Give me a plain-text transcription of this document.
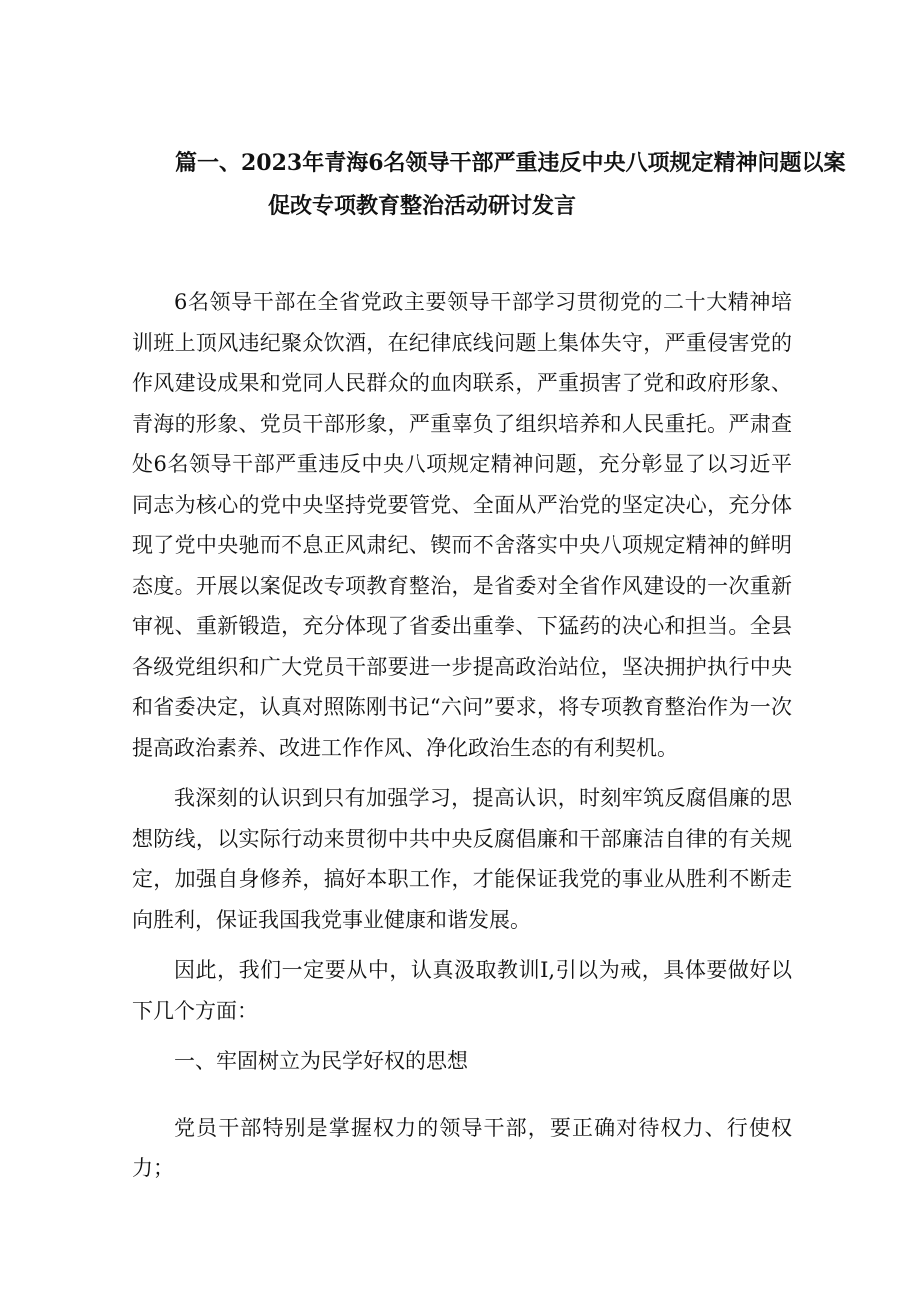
篇一、2023年青海6名领导干部严重违反中央八项规定精神问题以案
促改专项教育整治活动研讨发言

6名领导干部在全省党政主要领导干部学习贯彻党的二十大精神培训班上顶风违纪聚众饮酒，在纪律底线问题上集体失守，严重侵害党的作风建设成果和党同人民群众的血肉联系，严重损害了党和政府形象、青海的形象、党员干部形象，严重辜负了组织培养和人民重托。严肃查处6名领导干部严重违反中央八项规定精神问题，充分彰显了以习近平同志为核心的党中央坚持党要管党、全面从严治党的坚定决心，充分体现了党中央驰而不息正风肃纪、锲而不舍落实中央八项规定精神的鲜明态度。开展以案促改专项教育整治，是省委对全省作风建设的一次重新审视、重新锻造，充分体现了省委出重拳、下猛药的决心和担当。全县各级党组织和广大党员干部要进一步提高政治站位，坚决拥护执行中央和省委决定，认真对照陈刚书记“六问”要求，将专项教育整治作为一次提高政治素养、改进工作作风、净化政治生态的有利契机。

我深刻的认识到只有加强学习，提高认识，时刻牢筑反腐倡廉的思想防线，以实际行动来贯彻中共中央反腐倡廉和干部廉洁自律的有关规定，加强自身修养，搞好本职工作，才能保证我党的事业从胜利不断走向胜利，保证我国我党事业健康和谐发展。

因此，我们一定要从中，认真汲取教训I,引以为戒，具体要做好以下几个方面：

一、牢固树立为民学好权的思想

党员干部特别是掌握权力的领导干部，要正确对待权力、行使权力；
